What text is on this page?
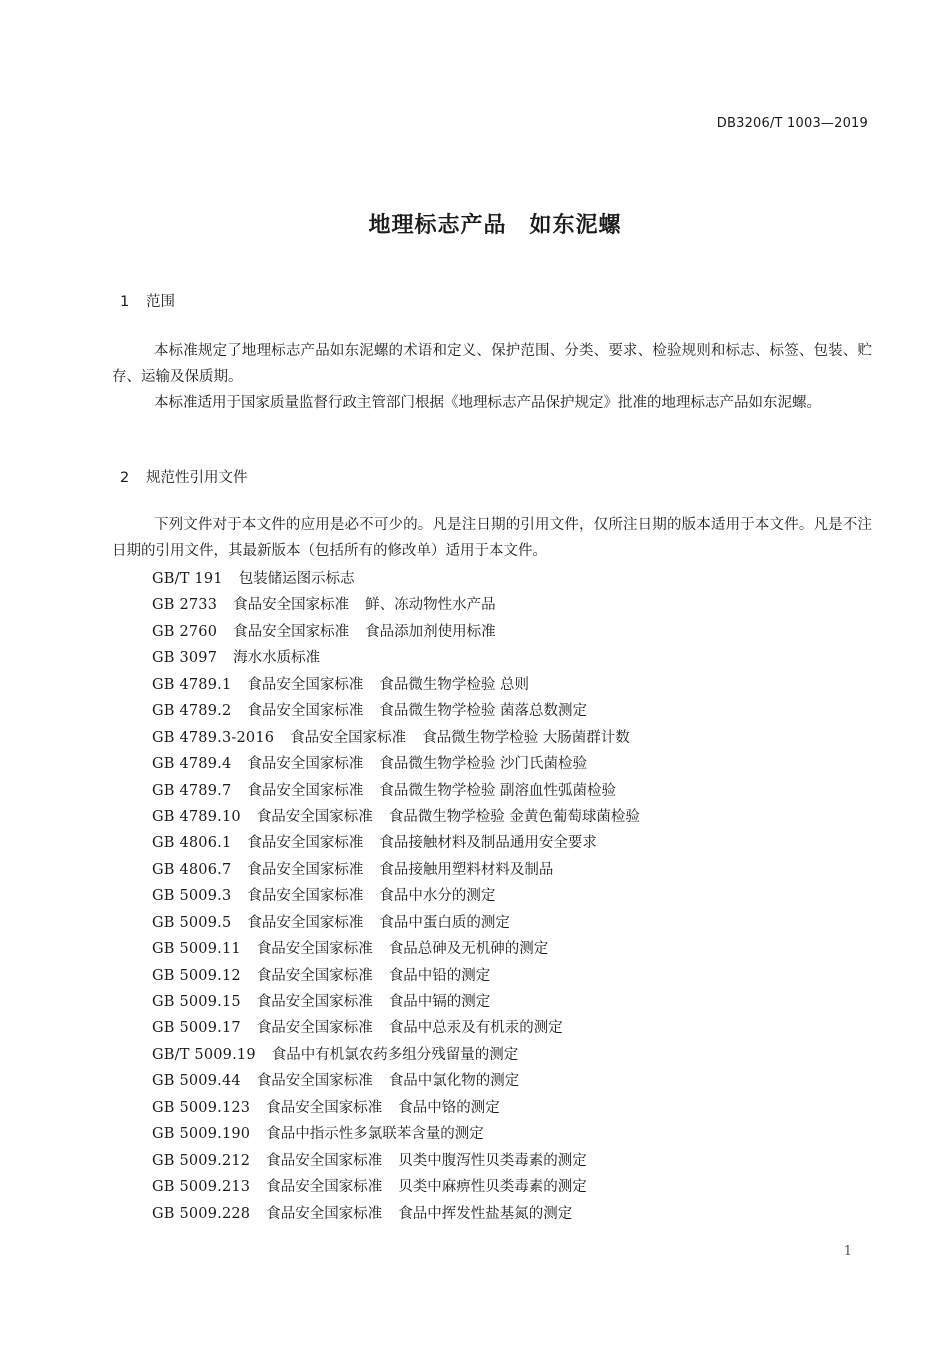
DB3206/T 1003—2019
地理标志产品　如东泥螺
1 范围
本标准规定了地理标志产品如东泥螺的术语和定义、保护范围、分类、要求、检验规则和标志、标签、包装、贮存、运输及保质期。
本标准适用于国家质量监督行政主管部门根据《地理标志产品保护规定》批准的地理标志产品如东泥螺。
2 规范性引用文件
下列文件对于本文件的应用是必不可少的。凡是注日期的引用文件，仅所注日期的版本适用于本文件。凡是不注日期的引用文件，其最新版本（包括所有的修改单）适用于本文件。
GB/T 191 包装储运图示标志
GB 2733 食品安全国家标准 鲜、冻动物性水产品
GB 2760 食品安全国家标准 食品添加剂使用标准
GB 3097 海水水质标准
GB 4789.1 食品安全国家标准 食品微生物学检验 总则
GB 4789.2 食品安全国家标准 食品微生物学检验 菌落总数测定
GB 4789.3-2016 食品安全国家标准 食品微生物学检验 大肠菌群计数
GB 4789.4 食品安全国家标准 食品微生物学检验 沙门氏菌检验
GB 4789.7 食品安全国家标准 食品微生物学检验 副溶血性弧菌检验
GB 4789.10 食品安全国家标准 食品微生物学检验 金黄色葡萄球菌检验
GB 4806.1 食品安全国家标准 食品接触材料及制品通用安全要求
GB 4806.7 食品安全国家标准 食品接触用塑料材料及制品
GB 5009.3 食品安全国家标准 食品中水分的测定
GB 5009.5 食品安全国家标准 食品中蛋白质的测定
GB 5009.11 食品安全国家标准 食品总砷及无机砷的测定
GB 5009.12 食品安全国家标准 食品中铅的测定
GB 5009.15 食品安全国家标准 食品中镉的测定
GB 5009.17 食品安全国家标准 食品中总汞及有机汞的测定
GB/T 5009.19 食品中有机氯农药多组分残留量的测定
GB 5009.44 食品安全国家标准 食品中氯化物的测定
GB 5009.123 食品安全国家标准 食品中铬的测定
GB 5009.190 食品中指示性多氯联苯含量的测定
GB 5009.212 食品安全国家标准 贝类中腹泻性贝类毒素的测定
GB 5009.213 食品安全国家标准 贝类中麻痹性贝类毒素的测定
GB 5009.228 食品安全国家标准 食品中挥发性盐基氮的测定
1
